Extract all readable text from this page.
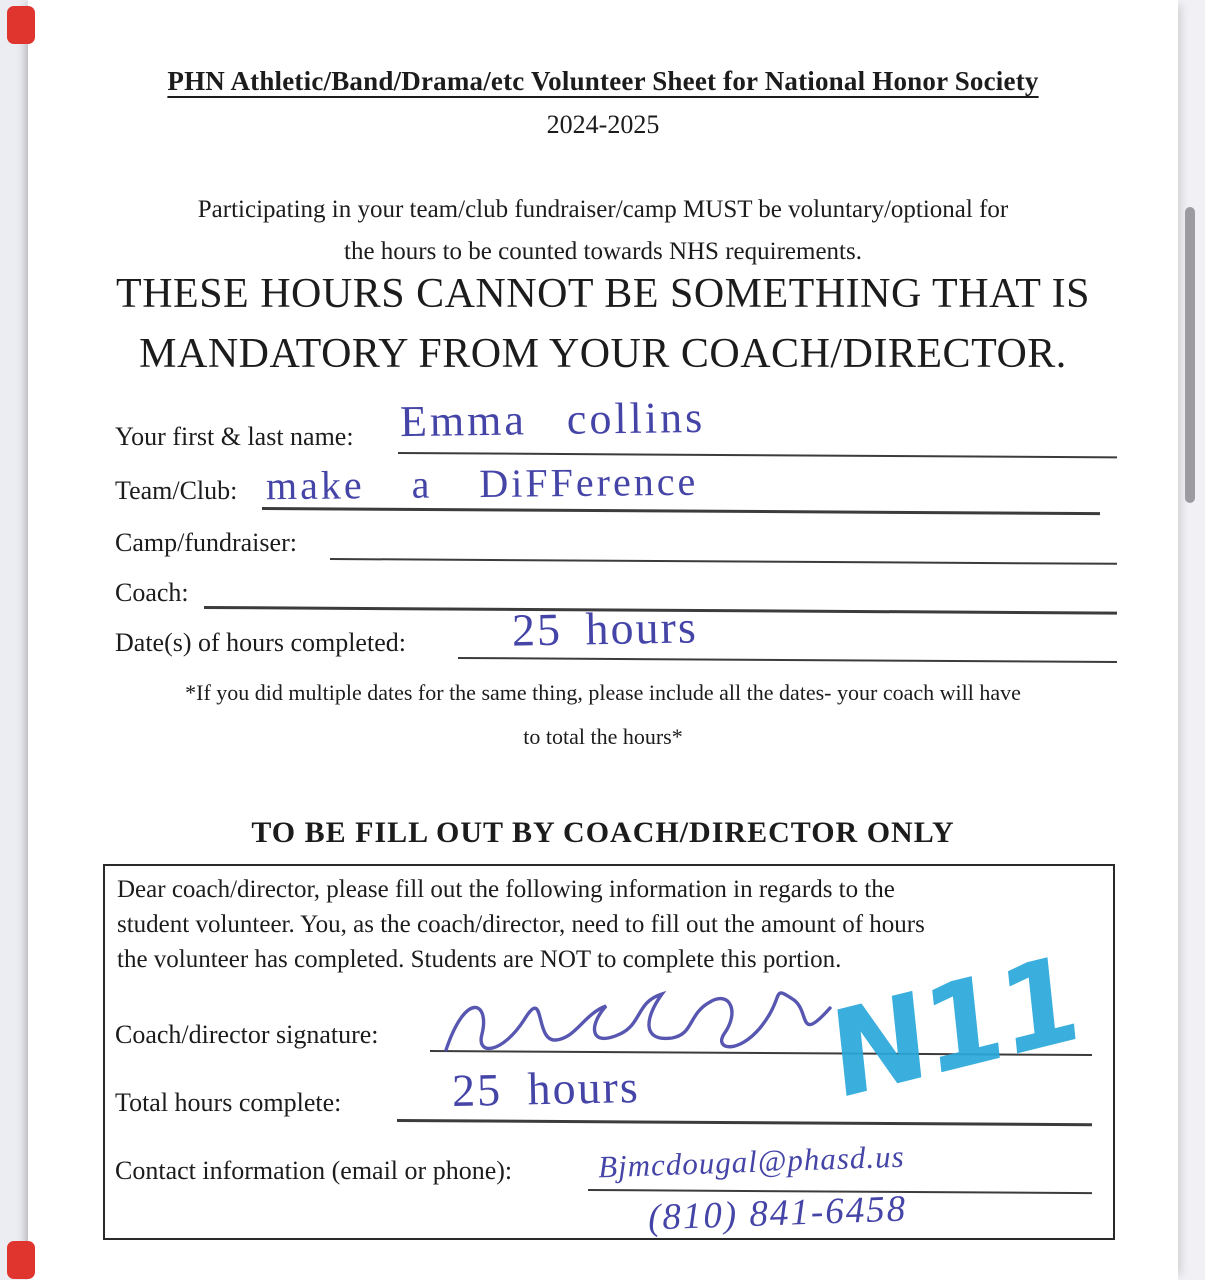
PHN Athletic/Band/Drama/etc Volunteer Sheet for National Honor Society
2024-2025
Participating in your team/club fundraiser/camp MUST be voluntary/optional for
the hours to be counted towards NHS requirements.
THESE HOURS CANNOT BE SOMETHING THAT IS
MANDATORY FROM YOUR COACH/DIRECTOR.
Your first & last name: Emma collins
Team/Club: make a DiFFerence
Camp/fundraiser:
Coach:
Date(s) of hours completed: 25 hours
*If you did multiple dates for the same thing, please include all the dates- your coach will have
to total the hours*
TO BE FILL OUT BY COACH/DIRECTOR ONLY
Dear coach/director, please fill out the following information in regards to the
student volunteer. You, as the coach/director, need to fill out the amount of hours
the volunteer has completed. Students are NOT to complete this portion.
Coach/director signature:
Total hours complete: 25 hours
Contact information (email or phone):	Bjmcdougal@phasd.us
(810) 841-6458
N11
